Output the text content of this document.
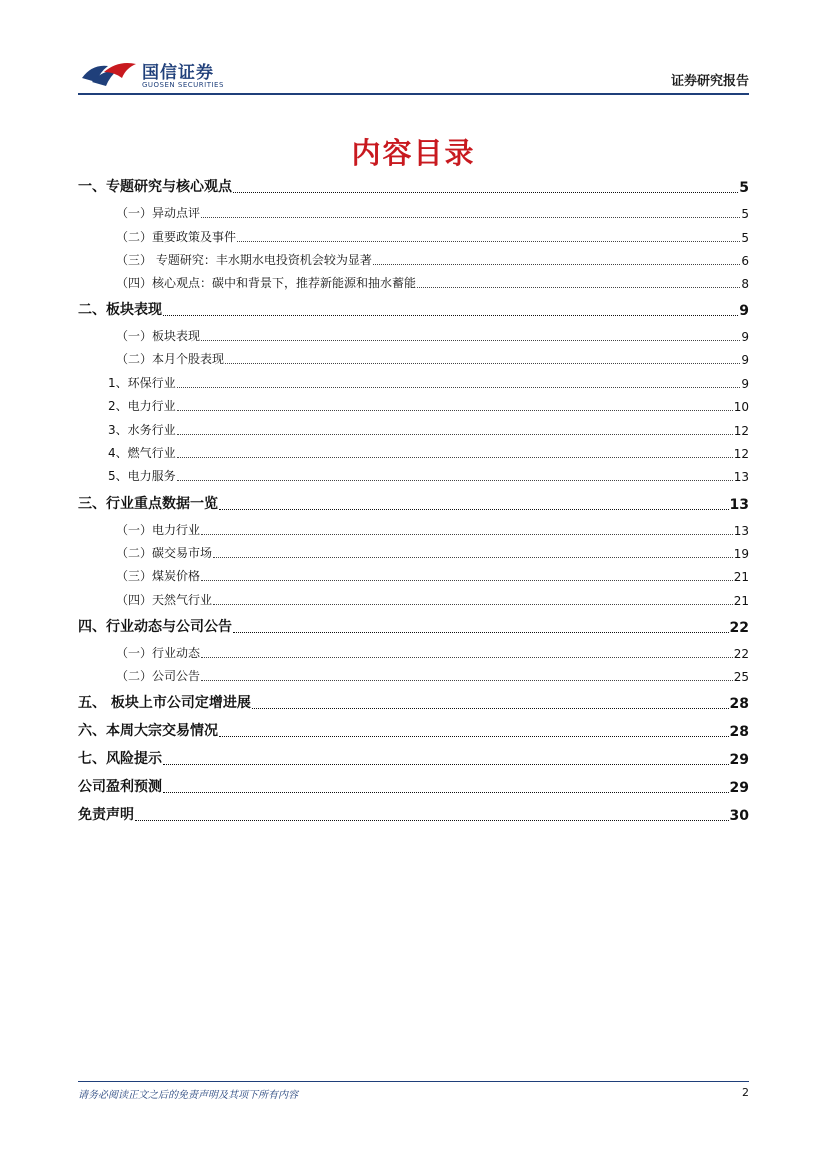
国信证券
GUOSEN SECURITIES	证券研究报告
内容目录
一、专题研究与核心观点	5
（一）异动点评	5
（二）重要政策及事件	5
（三） 专题研究：丰水期水电投资机会较为显著	6
（四）核心观点：碳中和背景下，推荐新能源和抽水蓄能	8
二、板块表现	9
（一）板块表现	9
（二）本月个股表现	9
1、环保行业	9
2、电力行业	10
3、水务行业	12
4、燃气行业	12
5、电力服务	13
三、行业重点数据一览	13
（一）电力行业	13
（二）碳交易市场	19
（三）煤炭价格	21
（四）天然气行业	21
四、行业动态与公司公告	22
（一）行业动态	22
（二）公司公告	25
五、 板块上市公司定增进展	28
六、本周大宗交易情况	28
七、风险提示	29
公司盈利预测	29
免责声明	30
请务必阅读正文之后的免责声明及其项下所有内容	2
